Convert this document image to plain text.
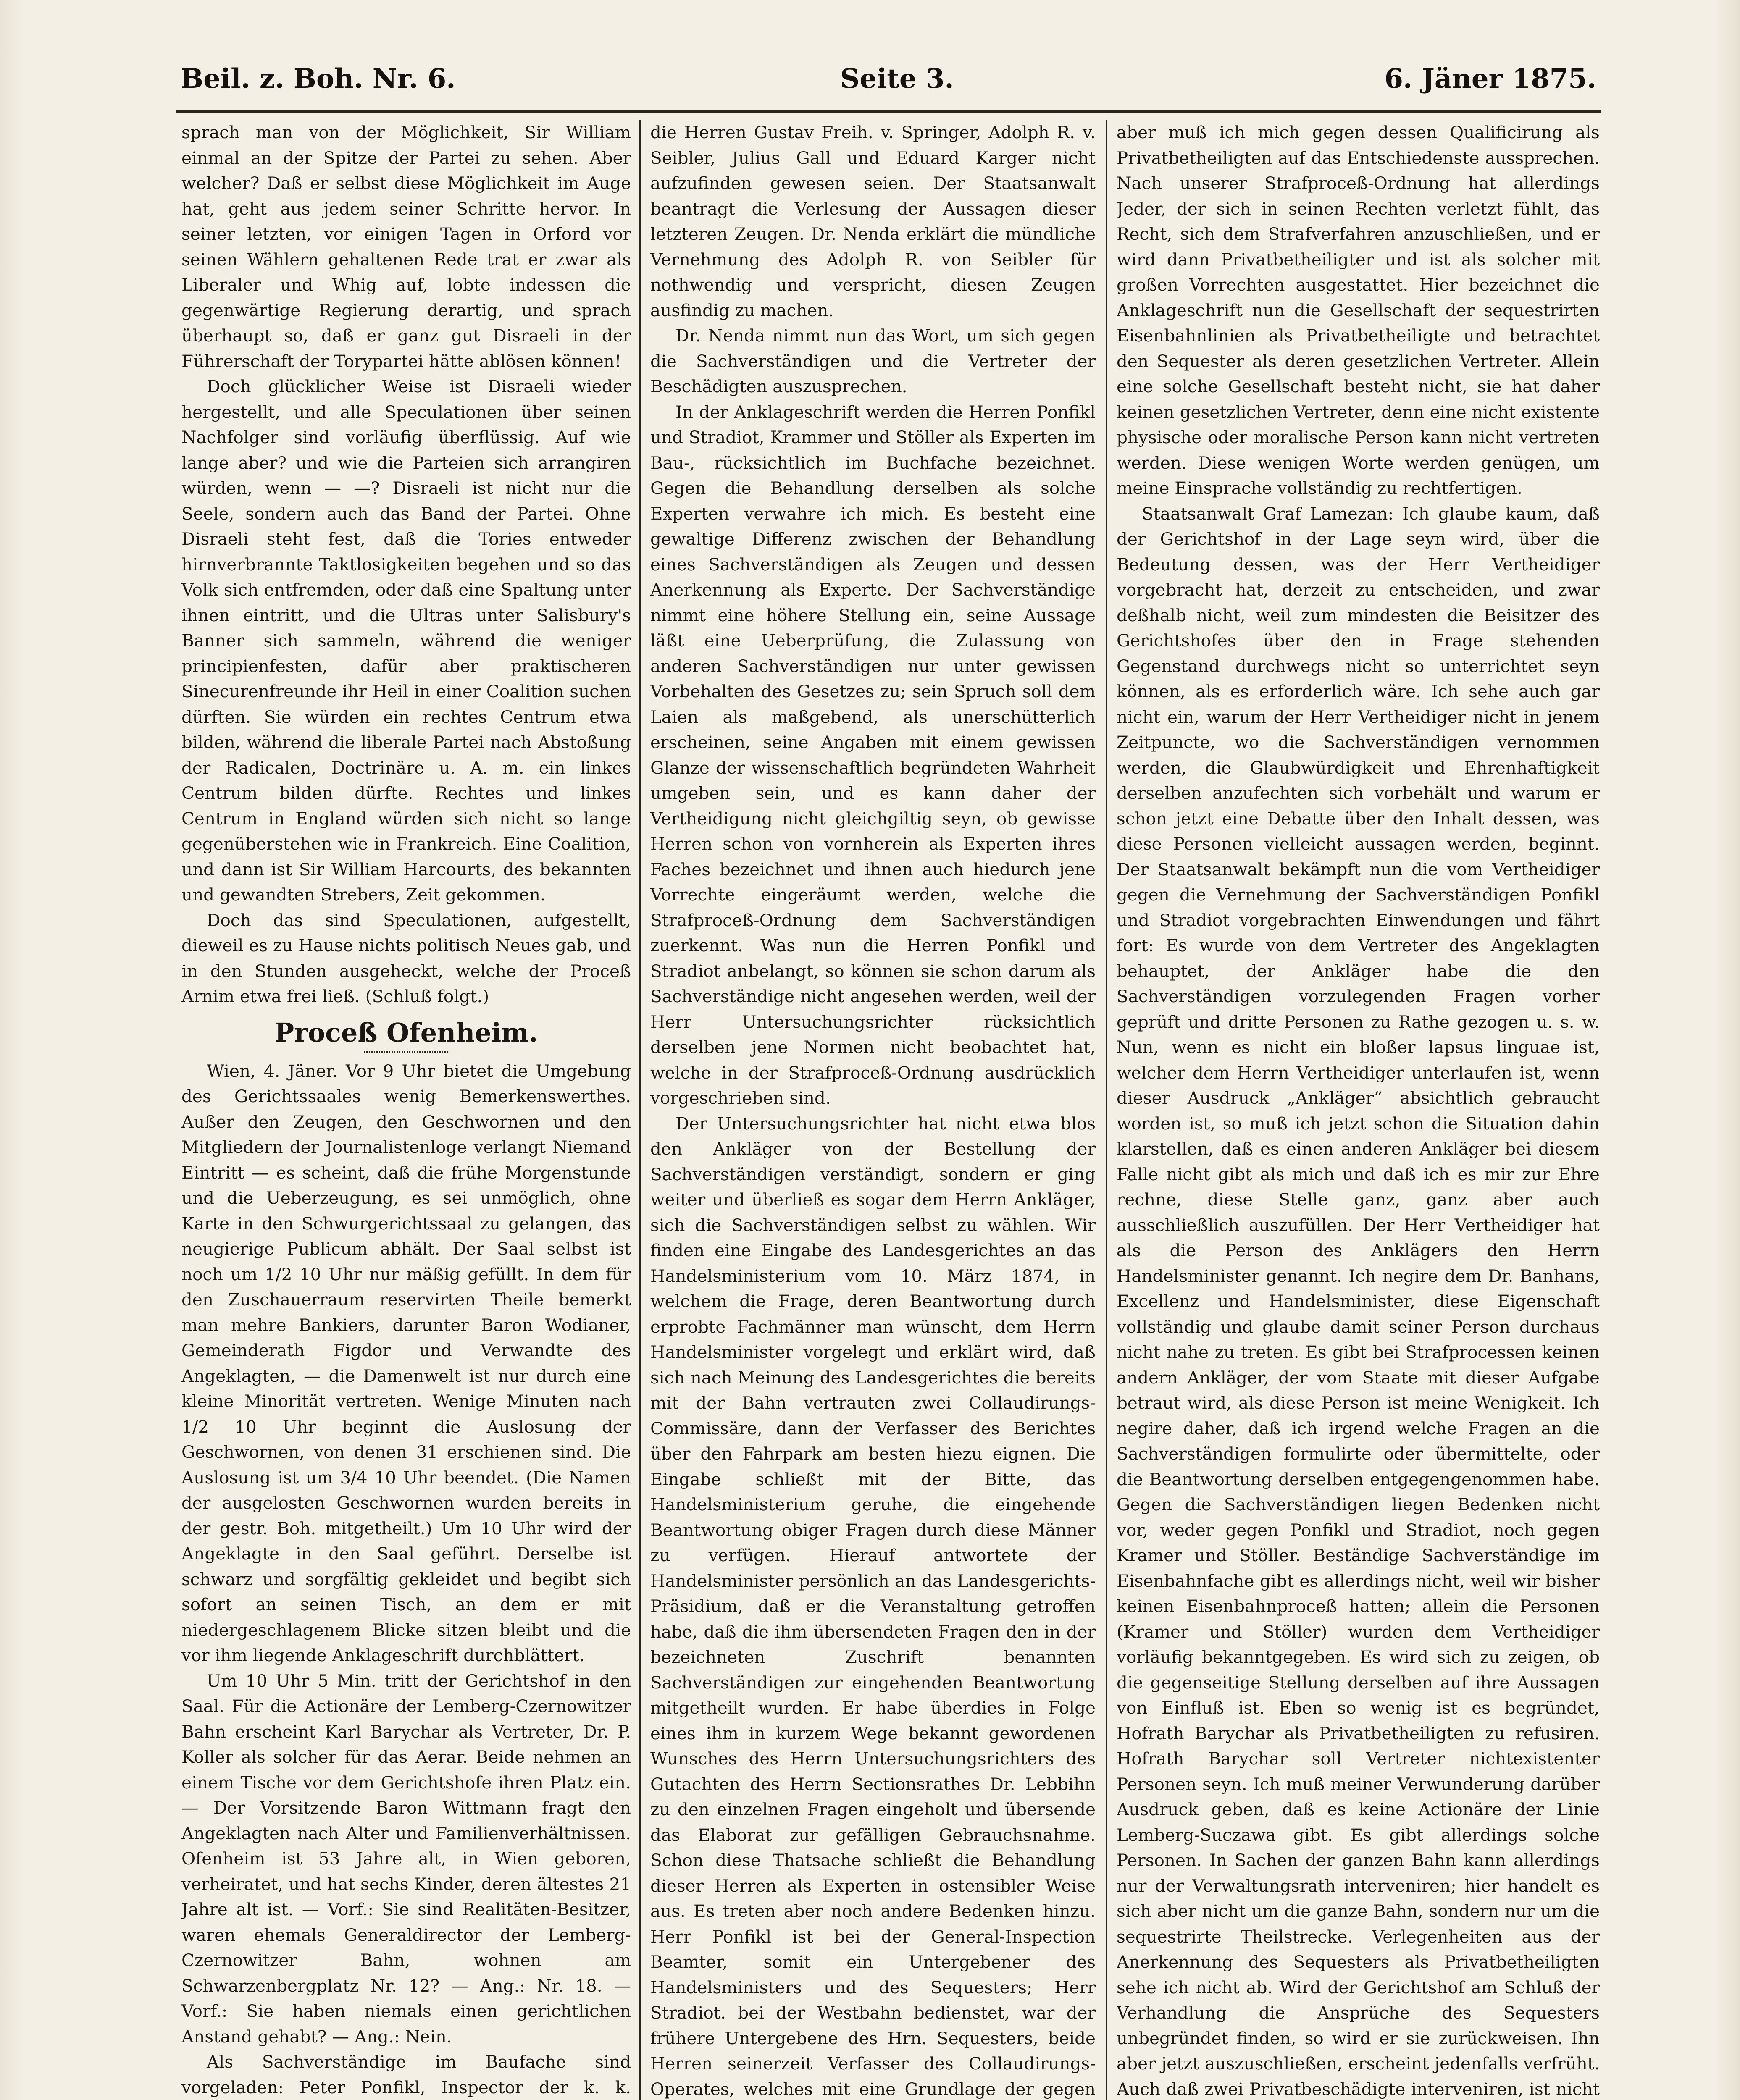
Beil. z. Boh. Nr. 6.	Seite 3.	6. Jäner 1875.

sprach man von der Möglichkeit, Sir William einmal an der Spitze der Partei zu sehen. Aber welcher? Daß er selbst diese Möglichkeit im Auge hat, geht aus jedem seiner Schritte hervor. In seiner letzten, vor einigen Tagen in Orford vor seinen Wählern gehaltenen Rede trat er zwar als Liberaler und Whig auf, lobte indessen die gegenwärtige Regierung derartig, und sprach überhaupt so, daß er ganz gut Disraeli in der Führerschaft der Torypartei hätte ablösen können!

Doch glücklicher Weise ist Disraeli wieder hergestellt, und alle Speculationen über seinen Nachfolger sind vorläufig überflüssig. Auf wie lange aber? und wie die Parteien sich arrangiren würden, wenn — —? Disraeli ist nicht nur die Seele, sondern auch das Band der Partei. Ohne Disraeli steht fest, daß die Tories entweder hirnverbrannte Taktlosigkeiten begehen und so das Volk sich entfremden, oder daß eine Spaltung unter ihnen eintritt, und die Ultras unter Salisbury's Banner sich sammeln, während die weniger principienfesten, dafür aber praktischeren Sinecurenfreunde ihr Heil in einer Coalition suchen dürften. Sie würden ein rechtes Centrum etwa bilden, während die liberale Partei nach Abstoßung der Radicalen, Doctrinäre u. A. m. ein linkes Centrum bilden dürfte. Rechtes und linkes Centrum in England würden sich nicht so lange gegenüberstehen wie in Frankreich. Eine Coalition, und dann ist Sir William Harcourts, des bekannten und gewandten Strebers, Zeit gekommen.

Doch das sind Speculationen, aufgestellt, dieweil es zu Hause nichts politisch Neues gab, und in den Stunden ausgeheckt, welche der Proceß Arnim etwa frei ließ. (Schluß folgt.)

Proceß Ofenheim.

Wien, 4. Jäner. Vor 9 Uhr bietet die Umgebung des Gerichtssaales wenig Bemerkenswerthes. Außer den Zeugen, den Geschwornen und den Mitgliedern der Journalistenloge verlangt Niemand Eintritt — es scheint, daß die frühe Morgenstunde und die Ueberzeugung, es sei unmöglich, ohne Karte in den Schwurgerichtssaal zu gelangen, das neugierige Publicum abhält. Der Saal selbst ist noch um 1/2 10 Uhr nur mäßig gefüllt. In dem für den Zuschauerraum reservirten Theile bemerkt man mehre Bankiers, darunter Baron Wodianer, Gemeinderath Figdor und Verwandte des Angeklagten, — die Damenwelt ist nur durch eine kleine Minorität vertreten. Wenige Minuten nach 1/2 10 Uhr beginnt die Auslosung der Geschwornen, von denen 31 erschienen sind. Die Auslosung ist um 3/4 10 Uhr beendet. (Die Namen der ausgelosten Geschwornen wurden bereits in der gestr. Boh. mitgetheilt.) Um 10 Uhr wird der Angeklagte in den Saal geführt. Derselbe ist schwarz und sorgfältig gekleidet und begibt sich sofort an seinen Tisch, an dem er mit niedergeschlagenem Blicke sitzen bleibt und die vor ihm liegende Anklageschrift durchblättert.

Um 10 Uhr 5 Min. tritt der Gerichtshof in den Saal. Für die Actionäre der Lemberg-Czernowitzer Bahn erscheint Karl Barychar als Vertreter, Dr. P. Koller als solcher für das Aerar. Beide nehmen an einem Tische vor dem Gerichtshofe ihren Platz ein. — Der Vorsitzende Baron Wittmann fragt den Angeklagten nach Alter und Familienverhältnissen. Ofenheim ist 53 Jahre alt, in Wien geboren, verheiratet, und hat sechs Kinder, deren ältestes 21 Jahre alt ist. — Vorf.: Sie sind Realitäten-Besitzer, waren ehemals Generaldirector der Lemberg-Czernowitzer Bahn, wohnen am Schwarzenbergplatz Nr. 12? — Ang.: Nr. 18. — Vorf.: Sie haben niemals einen gerichtlichen Anstand gehabt? — Ang.: Nein.

Als Sachverständige im Baufache sind vorgeladen: Peter Ponfikl, Inspector der k. k.

die Herren Gustav Freih. v. Springer, Adolph R. v. Seibler, Julius Gall und Eduard Karger nicht aufzufinden gewesen seien. Der Staatsanwalt beantragt die Verlesung der Aussagen dieser letzteren Zeugen. Dr. Nenda erklärt die mündliche Vernehmung des Adolph R. von Seibler für nothwendig und verspricht, diesen Zeugen ausfindig zu machen.

Dr. Nenda nimmt nun das Wort, um sich gegen die Sachverständigen und die Vertreter der Beschädigten auszusprechen.

In der Anklageschrift werden die Herren Ponfikl und Stradiot, Krammer und Stöller als Experten im Bau-, rücksichtlich im Buchfache bezeichnet. Gegen die Behandlung derselben als solche Experten verwahre ich mich. Es besteht eine gewaltige Differenz zwischen der Behandlung eines Sachverständigen als Zeugen und dessen Anerkennung als Experte. Der Sachverständige nimmt eine höhere Stellung ein, seine Aussage läßt eine Ueberprüfung, die Zulassung von anderen Sachverständigen nur unter gewissen Vorbehalten des Gesetzes zu; sein Spruch soll dem Laien als maßgebend, als unerschütterlich erscheinen, seine Angaben mit einem gewissen Glanze der wissenschaftlich begründeten Wahrheit umgeben sein, und es kann daher der Vertheidigung nicht gleichgiltig seyn, ob gewisse Herren schon von vornherein als Experten ihres Faches bezeichnet und ihnen auch hiedurch jene Vorrechte eingeräumt werden, welche die Strafproceß-Ordnung dem Sachverständigen zuerkennt. Was nun die Herren Ponfikl und Stradiot anbelangt, so können sie schon darum als Sachverständige nicht angesehen werden, weil der Herr Untersuchungsrichter rücksichtlich derselben jene Normen nicht beobachtet hat, welche in der Strafproceß-Ordnung ausdrücklich vorgeschrieben sind.

Der Untersuchungsrichter hat nicht etwa blos den Ankläger von der Bestellung der Sachverständigen verständigt, sondern er ging weiter und überließ es sogar dem Herrn Ankläger, sich die Sachverständigen selbst zu wählen. Wir finden eine Eingabe des Landesgerichtes an das Handelsministerium vom 10. März 1874, in welchem die Frage, deren Beantwortung durch erprobte Fachmänner man wünscht, dem Herrn Handelsminister vorgelegt und erklärt wird, daß sich nach Meinung des Landesgerichtes die bereits mit der Bahn vertrauten zwei Collaudirungs-Commissäre, dann der Verfasser des Berichtes über den Fahrpark am besten hiezu eignen. Die Eingabe schließt mit der Bitte, das Handelsministerium geruhe, die eingehende Beantwortung obiger Fragen durch diese Männer zu verfügen. Hierauf antwortete der Handelsminister persönlich an das Landesgerichts-Präsidium, daß er die Veranstaltung getroffen habe, daß die ihm übersendeten Fragen den in der bezeichneten Zuschrift benannten Sachverständigen zur eingehenden Beantwortung mitgetheilt wurden. Er habe überdies in Folge eines ihm in kurzem Wege bekannt gewordenen Wunsches des Herrn Untersuchungsrichters des Gutachten des Herrn Sectionsrathes Dr. Lebbihn zu den einzelnen Fragen eingeholt und übersende das Elaborat zur gefälligen Gebrauchsnahme. Schon diese Thatsache schließt die Behandlung dieser Herren als Experten in ostensibler Weise aus. Es treten aber noch andere Bedenken hinzu. Herr Ponfikl ist bei der General-Inspection Beamter, somit ein Untergebener des Handelsministers und des Sequesters; Herr Stradiot. bei der Westbahn bedienstet, war der frühere Untergebene des Hrn. Sequesters, beide Herren seinerzeit Verfasser des Collaudirungs-Operates, welches mit eine Grundlage der gegen

aber muß ich mich gegen dessen Qualificirung als Privatbetheiligten auf das Entschiedenste aussprechen. Nach unserer Strafproceß-Ordnung hat allerdings Jeder, der sich in seinen Rechten verletzt fühlt, das Recht, sich dem Strafverfahren anzuschließen, und er wird dann Privatbetheiligter und ist als solcher mit großen Vorrechten ausgestattet. Hier bezeichnet die Anklageschrift nun die Gesellschaft der sequestrirten Eisenbahnlinien als Privatbetheiligte und betrachtet den Sequester als deren gesetzlichen Vertreter. Allein eine solche Gesellschaft besteht nicht, sie hat daher keinen gesetzlichen Vertreter, denn eine nicht existente physische oder moralische Person kann nicht vertreten werden. Diese wenigen Worte werden genügen, um meine Einsprache vollständig zu rechtfertigen.

Staatsanwalt Graf Lamezan: Ich glaube kaum, daß der Gerichtshof in der Lage seyn wird, über die Bedeutung dessen, was der Herr Vertheidiger vorgebracht hat, derzeit zu entscheiden, und zwar deßhalb nicht, weil zum mindesten die Beisitzer des Gerichtshofes über den in Frage stehenden Gegenstand durchwegs nicht so unterrichtet seyn können, als es erforderlich wäre. Ich sehe auch gar nicht ein, warum der Herr Vertheidiger nicht in jenem Zeitpuncte, wo die Sachverständigen vernommen werden, die Glaubwürdigkeit und Ehrenhaftigkeit derselben anzufechten sich vorbehält und warum er schon jetzt eine Debatte über den Inhalt dessen, was diese Personen vielleicht aussagen werden, beginnt. Der Staatsanwalt bekämpft nun die vom Vertheidiger gegen die Vernehmung der Sachverständigen Ponfikl und Stradiot vorgebrachten Einwendungen und fährt fort: Es wurde von dem Vertreter des Angeklagten behauptet, der Ankläger habe die den Sachverständigen vorzulegenden Fragen vorher geprüft und dritte Personen zu Rathe gezogen u. s. w. Nun, wenn es nicht ein bloßer lapsus linguae ist, welcher dem Herrn Vertheidiger unterlaufen ist, wenn dieser Ausdruck „Ankläger“ absichtlich gebraucht worden ist, so muß ich jetzt schon die Situation dahin klarstellen, daß es einen anderen Ankläger bei diesem Falle nicht gibt als mich und daß ich es mir zur Ehre rechne, diese Stelle ganz, ganz aber auch ausschließlich auszufüllen. Der Herr Vertheidiger hat als die Person des Anklägers den Herrn Handelsminister genannt. Ich negire dem Dr. Banhans, Excellenz und Handelsminister, diese Eigenschaft vollständig und glaube damit seiner Person durchaus nicht nahe zu treten. Es gibt bei Strafprocessen keinen andern Ankläger, der vom Staate mit dieser Aufgabe betraut wird, als diese Person ist meine Wenigkeit. Ich negire daher, daß ich irgend welche Fragen an die Sachverständigen formulirte oder übermittelte, oder die Beantwortung derselben entgegengenommen habe. Gegen die Sachverständigen liegen Bedenken nicht vor, weder gegen Ponfikl und Stradiot, noch gegen Kramer und Stöller. Beständige Sachverständige im Eisenbahnfache gibt es allerdings nicht, weil wir bisher keinen Eisenbahnproceß hatten; allein die Personen (Kramer und Stöller) wurden dem Vertheidiger vorläufig bekanntgegeben. Es wird sich zu zeigen, ob die gegenseitige Stellung derselben auf ihre Aussagen von Einfluß ist. Eben so wenig ist es begründet, Hofrath Barychar als Privatbetheiligten zu refusiren. Hofrath Barychar soll Vertreter nichtexistenter Personen seyn. Ich muß meiner Verwunderung darüber Ausdruck geben, daß es keine Actionäre der Linie Lemberg-Suczawa gibt. Es gibt allerdings solche Personen. In Sachen der ganzen Bahn kann allerdings nur der Verwaltungsrath interveniren; hier handelt es sich aber nicht um die ganze Bahn, sondern nur um die sequestrirte Theilstrecke. Verlegenheiten aus der Anerkennung des Sequesters als Privatbetheiligten sehe ich nicht ab. Wird der Gerichtshof am Schluß der Verhandlung die Ansprüche des Sequesters unbegründet finden, so wird er sie zurückweisen. Ihn aber jetzt auszuschließen, erscheint jedenfalls verfrüht. Auch daß zwei Privatbeschädigte interveniren, ist nicht
